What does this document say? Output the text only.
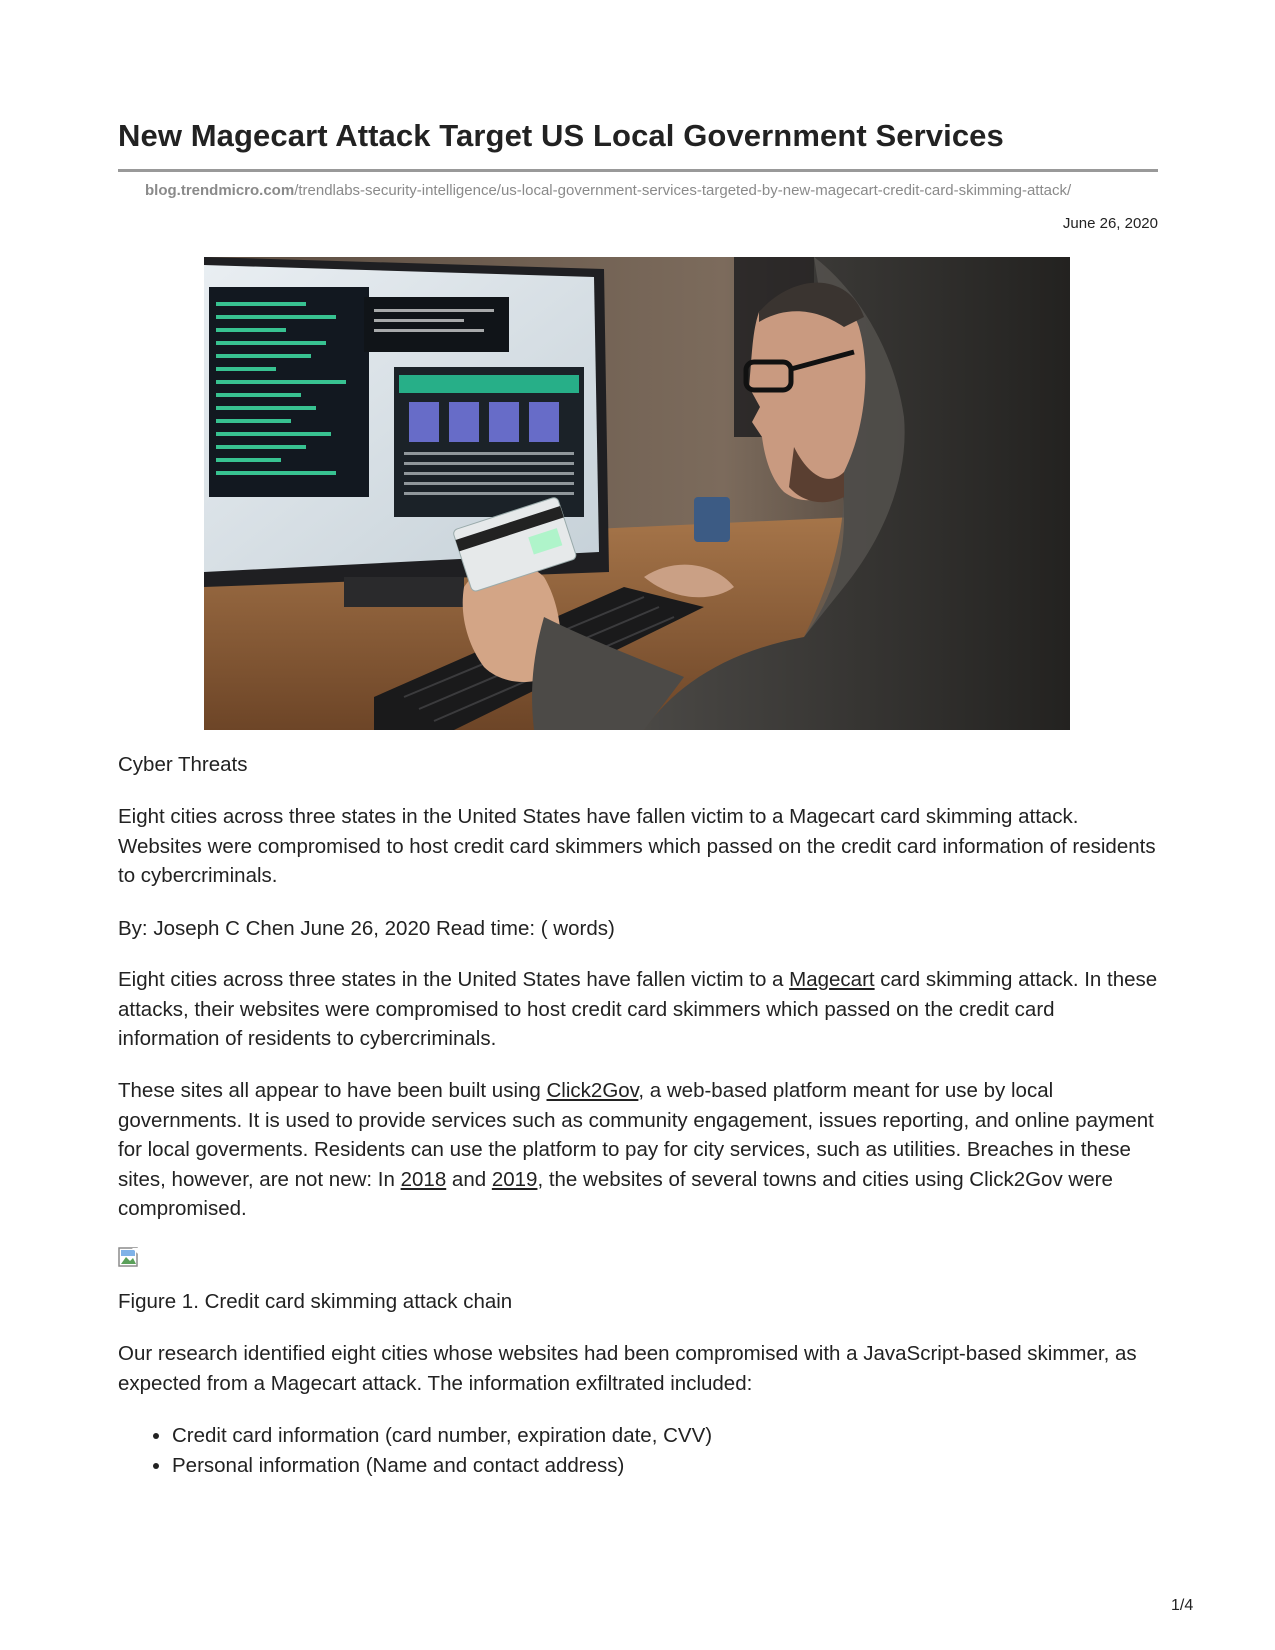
New Magecart Attack Target US Local Government Services
blog.trendmicro.com/trendlabs-security-intelligence/us-local-government-services-targeted-by-new-magecart-credit-card-skimming-attack/
June 26, 2020

Cyber Threats

Eight cities across three states in the United States have fallen victim to a Magecart card skimming attack. Websites were compromised to host credit card skimmers which passed on the credit card information of residents to cybercriminals.

By: Joseph C Chen June 26, 2020 Read time: ( words)

Eight cities across three states in the United States have fallen victim to a Magecart card skimming attack. In these attacks, their websites were compromised to host credit card skimmers which passed on the credit card information of residents to cybercriminals.

These sites all appear to have been built using Click2Gov, a web-based platform meant for use by local governments. It is used to provide services such as community engagement, issues reporting, and online payment for local goverments. Residents can use the platform to pay for city services, such as utilities. Breaches in these sites, however, are not new: In 2018 and 2019, the websites of several towns and cities using Click2Gov were compromised.

Figure 1. Credit card skimming attack chain

Our research identified eight cities whose websites had been compromised with a JavaScript-based skimmer, as expected from a Magecart attack. The information exfiltrated included:

• Credit card information (card number, expiration date, CVV)
• Personal information (Name and contact address)
1/4
